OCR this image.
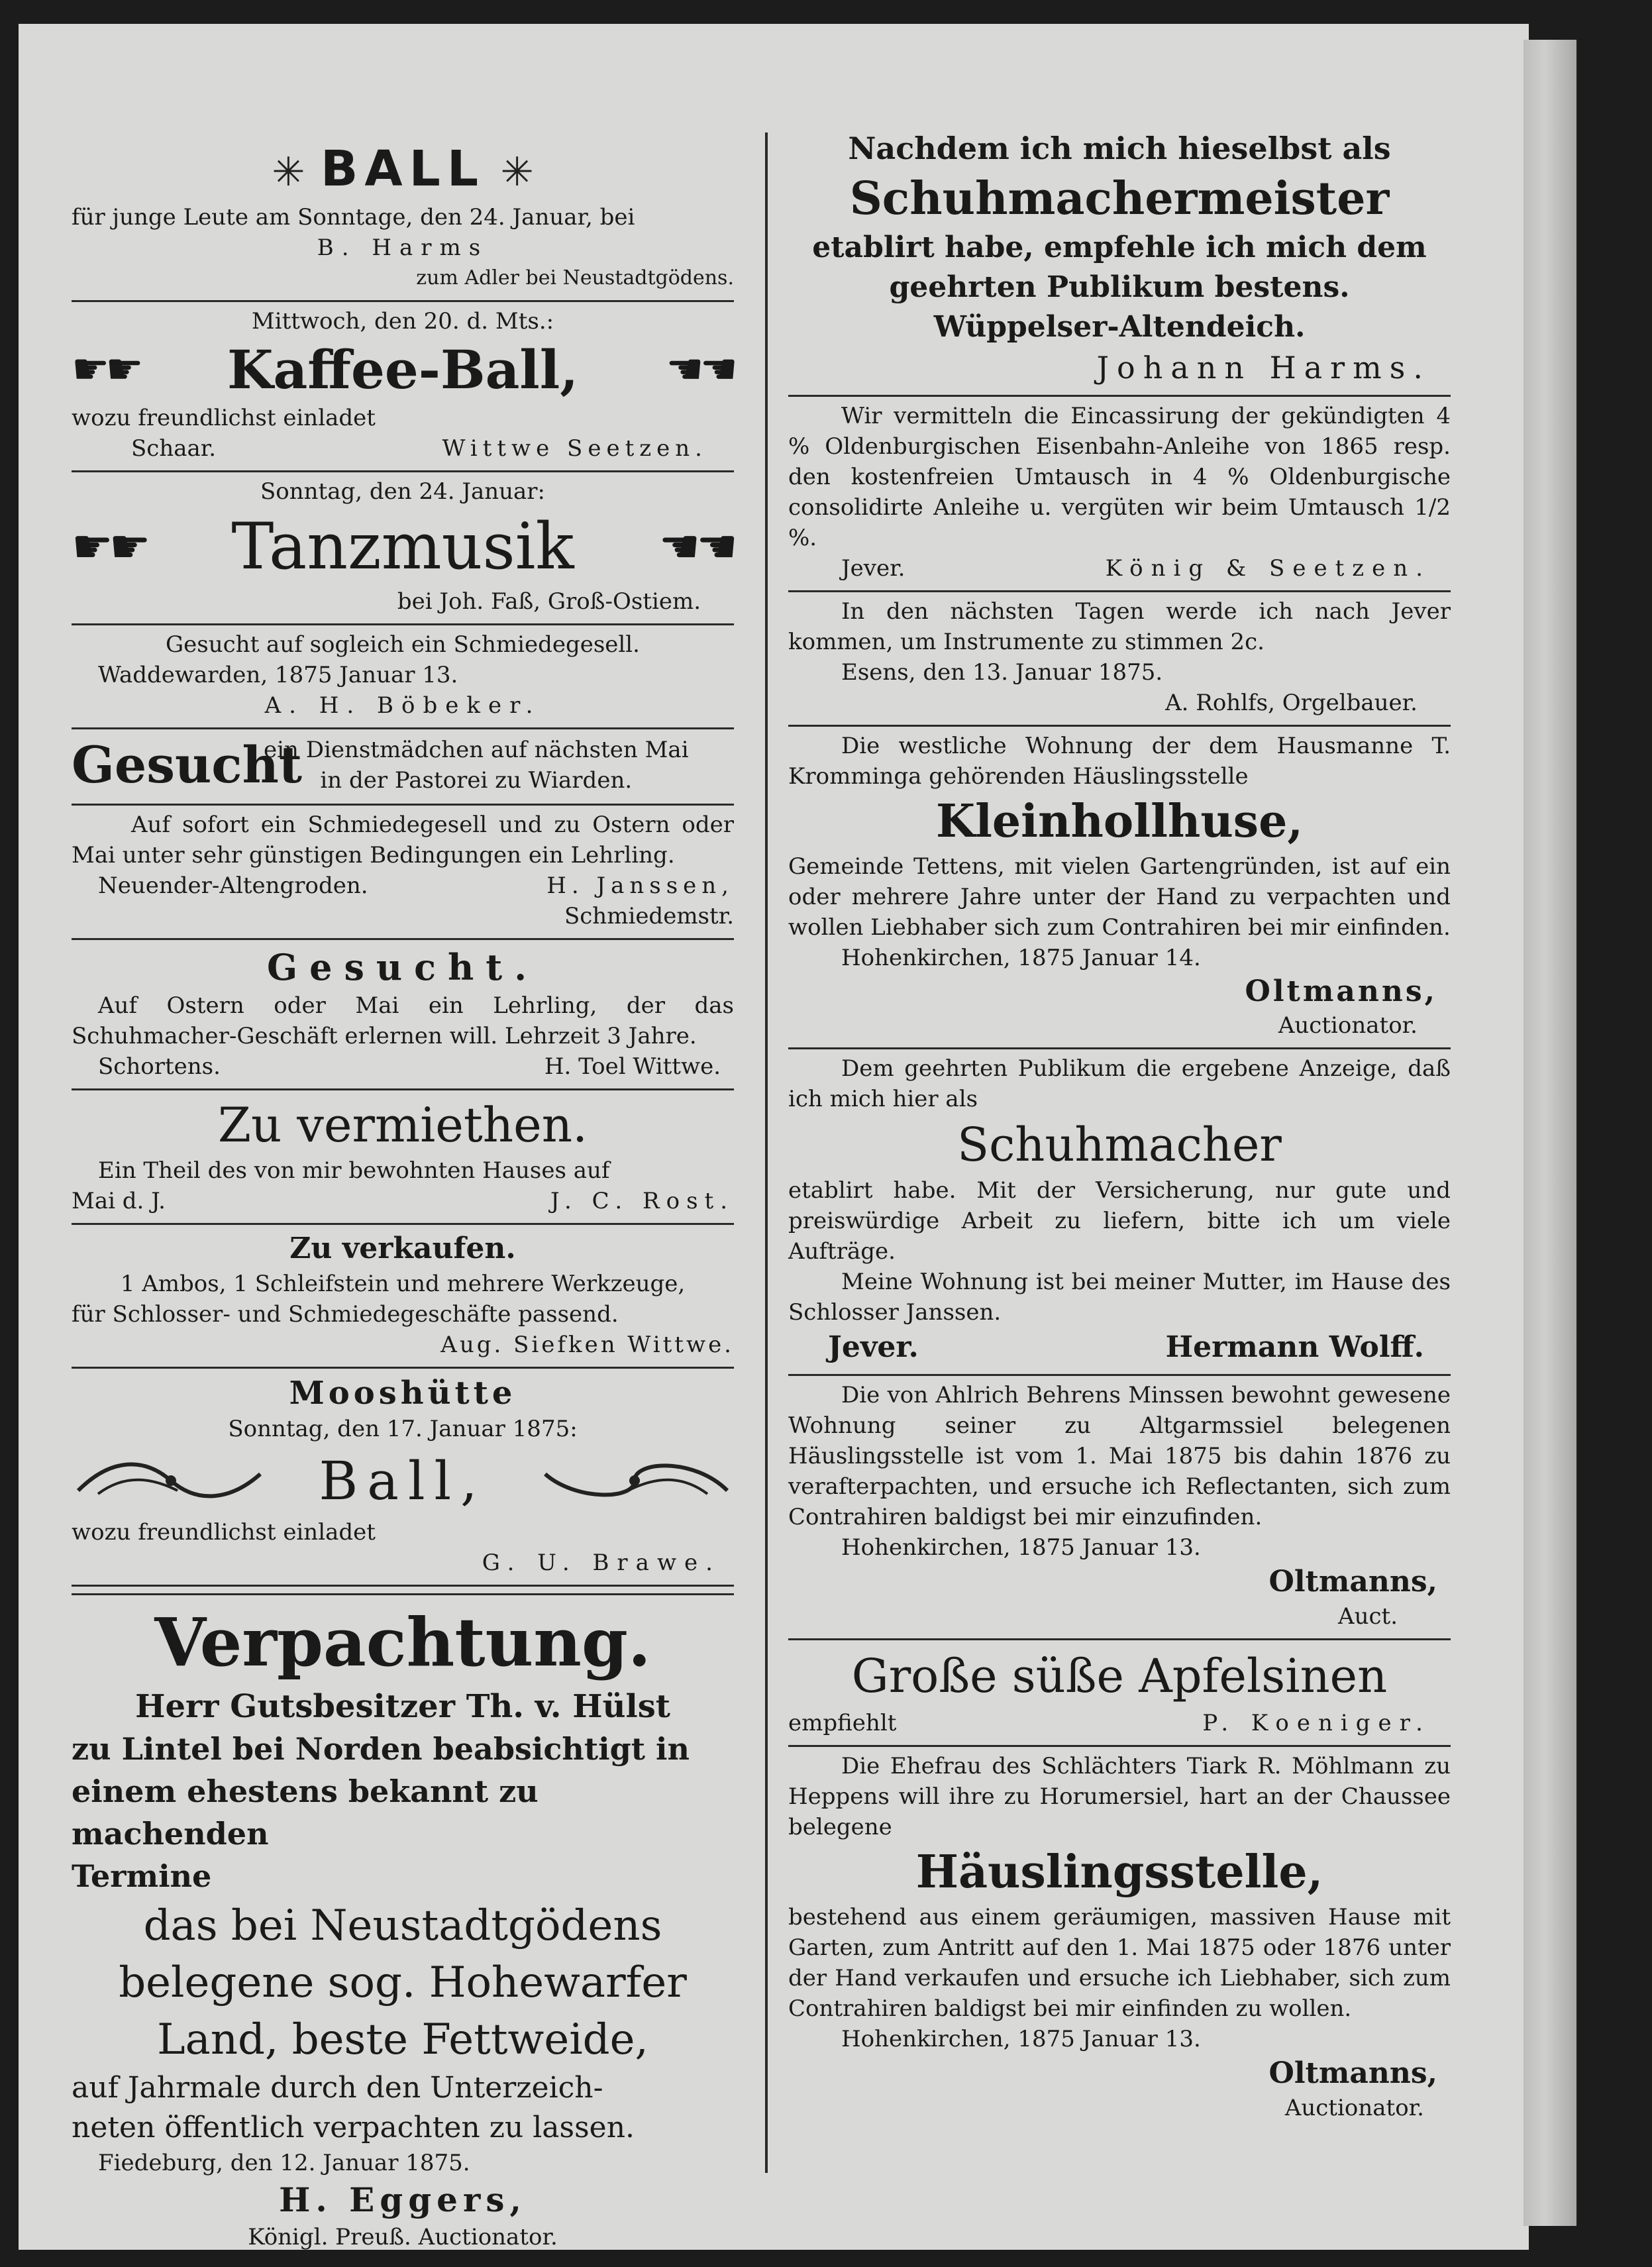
✳ BALL ✳
für junge Leute am Sonntage, den 24. Januar, bei
B. Harms
zum Adler bei Neustadtgödens.
Mittwoch, den 20. d. Mts.:
☛☛ Kaffee-Ball, ☚☚
wozu freundlichst einladet
Schaar.	Wittwe Seetzen.
Sonntag, den 24. Januar:
☛☛ Tanzmusik ☚☚
bei Joh. Faß, Groß-Ostiem.
Gesucht auf sogleich ein Schmiedegesell.
Waddewarden, 1875 Januar 13.
A. H. Böbeker.
Gesucht
ein Dienstmädchen auf nächsten Mai
in der Pastorei zu Wiarden.
Auf sofort ein Schmiedegesell und zu Ostern oder Mai unter sehr günstigen Bedingungen ein Lehrling.
Neuender-Altengroden.	H. Janssen,
Schmiedemstr.
Gesucht.
Auf Ostern oder Mai ein Lehrling, der das Schuhmacher-Geschäft erlernen will. Lehrzeit 3 Jahre.
Schortens.	H. Toel Wittwe.
Zu vermiethen.
Ein Theil des von mir bewohnten Hauses auf
Mai d. J.	J. C. Rost.
Zu verkaufen.
1 Ambos, 1 Schleifstein und mehrere Werkzeuge,
für Schlosser- und Schmiedegeschäfte passend.
Aug. Siefken Wittwe.
Mooshütte
Sonntag, den 17. Januar 1875:
Ball,
wozu freundlichst einladet
G. U. Brawe.
Verpachtung.
Herr Gutsbesitzer Th. v. Hülst
zu Lintel bei Norden beabsichtigt in
einem ehestens bekannt zu machenden
Termine
das bei Neustadtgödens
belegene sog. Hohewarfer
Land, beste Fettweide,
auf Jahrmale durch den Unterzeich-
neten öffentlich verpachten zu lassen.
Fiedeburg, den 12. Januar 1875.
H. Eggers,
Königl. Preuß. Auctionator.
Nachdem ich mich hieselbst als
Schuhmachermeister
etablirt habe, empfehle ich mich dem
geehrten Publikum bestens.
Wüppelser-Altendeich.
Johann Harms.
Wir vermitteln die Eincassirung der gekündigten 4 % Oldenburgischen Eisenbahn-Anleihe von 1865 resp. den kostenfreien Umtausch in 4 % Oldenburgische consolidirte Anleihe u. vergüten wir beim Umtausch 1/2 %.
Jever.	König & Seetzen.
In den nächsten Tagen werde ich nach Jever kommen, um Instrumente zu stimmen 2c.
Esens, den 13. Januar 1875.
A. Rohlfs, Orgelbauer.
Die westliche Wohnung der dem Hausmanne T. Kromminga gehörenden Häuslingsstelle
Kleinhollhuse,
Gemeinde Tettens, mit vielen Gartengründen, ist auf ein oder mehrere Jahre unter der Hand zu verpachten und wollen Liebhaber sich zum Contrahiren bei mir einfinden.
Hohenkirchen, 1875 Januar 14.
Oltmanns,
Auctionator.
Dem geehrten Publikum die ergebene Anzeige, daß ich mich hier als
Schuhmacher
etablirt habe. Mit der Versicherung, nur gute und preiswürdige Arbeit zu liefern, bitte ich um viele Aufträge.
Meine Wohnung ist bei meiner Mutter, im Hause des Schlosser Janssen.
Jever.	Hermann Wolff.
Die von Ahlrich Behrens Minssen bewohnt gewesene Wohnung seiner zu Altgarmssiel belegenen Häuslingsstelle ist vom 1. Mai 1875 bis dahin 1876 zu verafterpachten, und ersuche ich Reflectanten, sich zum Contrahiren baldigst bei mir einzufinden.
Hohenkirchen, 1875 Januar 13.
Oltmanns,
Auct.
Große süße Apfelsinen
empfiehlt	P. Koeniger.
Die Ehefrau des Schlächters Tiark R. Möhlmann zu Heppens will ihre zu Horumersiel, hart an der Chaussee belegene
Häuslingsstelle,
bestehend aus einem geräumigen, massiven Hause mit Garten, zum Antritt auf den 1. Mai 1875 oder 1876 unter der Hand verkaufen und ersuche ich Liebhaber, sich zum Contrahiren baldigst bei mir einfinden zu wollen.
Hohenkirchen, 1875 Januar 13.
Oltmanns,
Auctionator.
